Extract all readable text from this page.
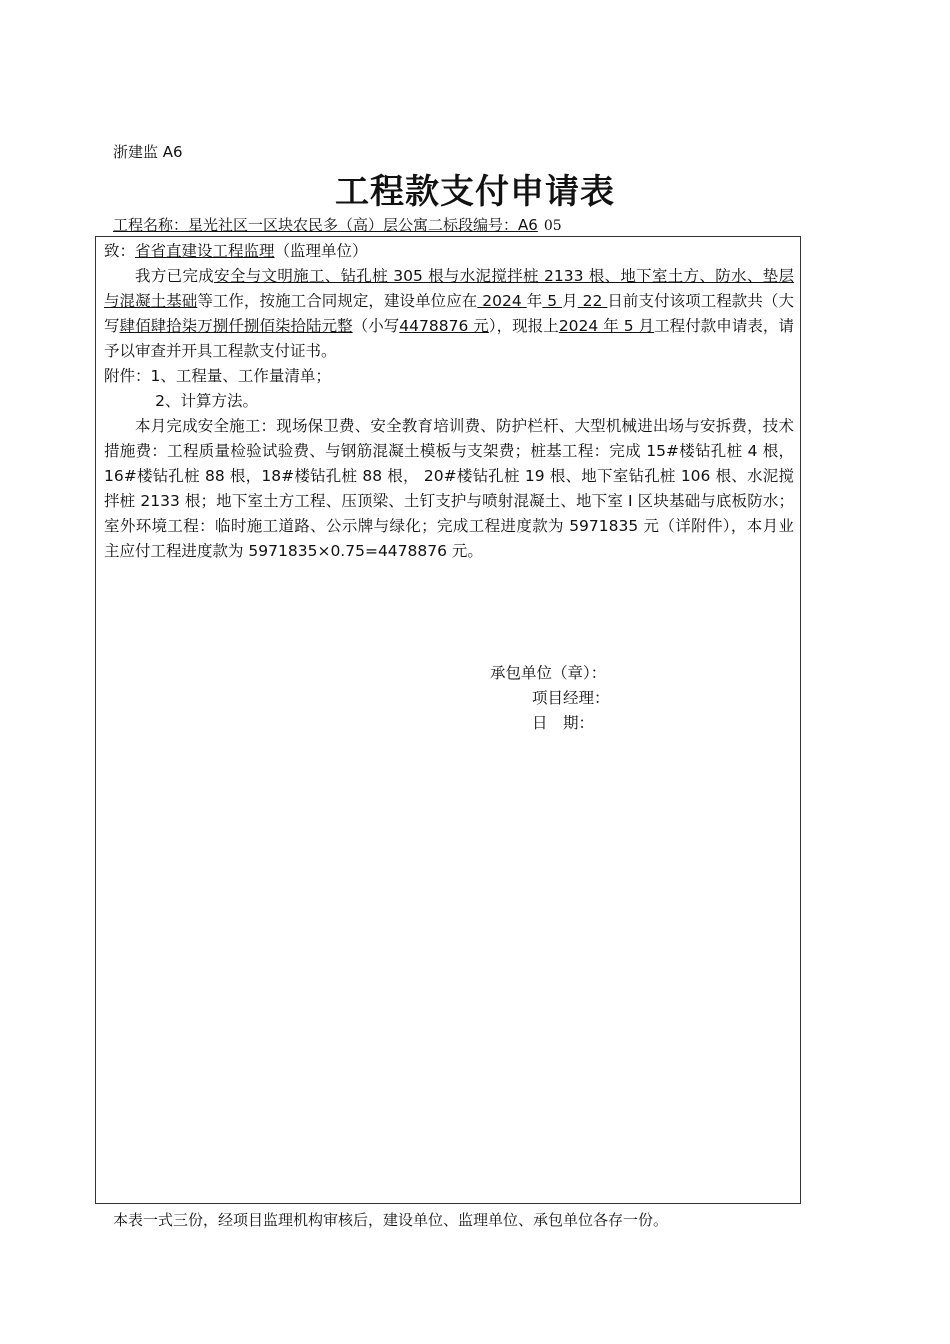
浙建监 A6
工程款支付申请表
工程名称：星光社区一区块农民多（高）层公寓二标段编号：A6 05

致：省省直建设工程监理（监理单位）

我方已完成安全与文明施工、钻孔桩 305 根与水泥搅拌桩 2133 根、地下室土方、防水、垫层与混凝土基础等工作，按施工合同规定，建设单位应在 2024 年 5 月 22 日前支付该项工程款共（大写肆佰肆拾柒万捌仟捌佰柒拾陆元整（小写4478876 元），现报上2024 年 5 月工程付款申请表，请予以审查并开具工程款支付证书。

附件：1、工程量、工作量清单；

2、计算方法。

本月完成安全施工：现场保卫费、安全教育培训费、防护栏杆、大型机械进出场与安拆费，技术措施费：工程质量检验试验费、与钢筋混凝土模板与支架费；桩基工程：完成 15#楼钻孔桩 4 根，16#楼钻孔桩 88 根，18#楼钻孔桩 88 根， 20#楼钻孔桩 19 根、地下室钻孔桩 106 根、水泥搅拌桩 2133 根；地下室土方工程、压顶梁、土钉支护与喷射混凝土、地下室 I 区块基础与底板防水；室外环境工程：临时施工道路、公示牌与绿化；完成工程进度款为 5971835 元（详附件），本月业主应付工程进度款为 5971835×0.75=4478876 元。

承包单位（章）：
项目经理：
日　期：
本表一式三份，经项目监理机构审核后，建设单位、监理单位、承包单位各存一份。
